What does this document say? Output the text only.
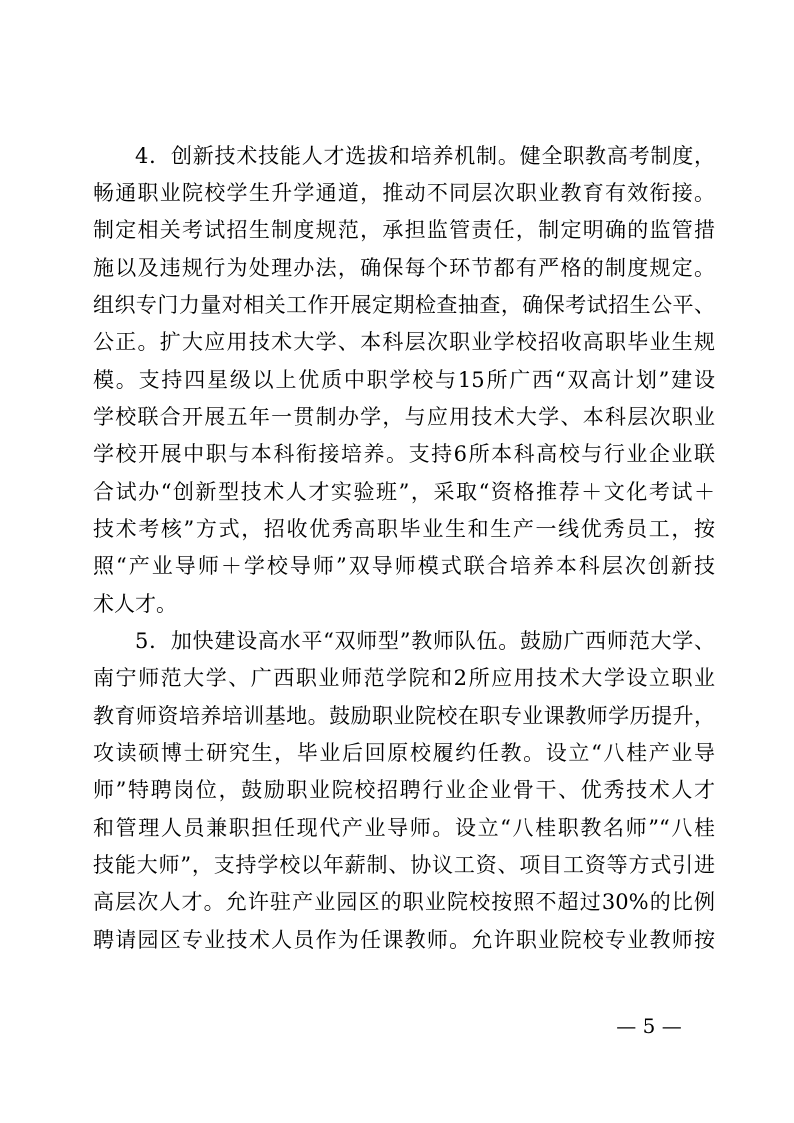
4．创新技术技能人才选拔和培养机制。健全职教高考制度，
畅通职业院校学生升学通道，推动不同层次职业教育有效衔接。
制定相关考试招生制度规范，承担监管责任，制定明确的监管措
施以及违规行为处理办法，确保每个环节都有严格的制度规定。
组织专门力量对相关工作开展定期检查抽查，确保考试招生公平、
公正。扩大应用技术大学、本科层次职业学校招收高职毕业生规
模。支持四星级以上优质中职学校与15所广西“双高计划”建设
学校联合开展五年一贯制办学，与应用技术大学、本科层次职业
学校开展中职与本科衔接培养。支持6所本科高校与行业企业联
合试办“创新型技术人才实验班”，采取“资格推荐＋文化考试＋
技术考核”方式，招收优秀高职毕业生和生产一线优秀员工，按
照“产业导师＋学校导师”双导师模式联合培养本科层次创新技
术人才。
5．加快建设高水平“双师型”教师队伍。鼓励广西师范大学、
南宁师范大学、广西职业师范学院和2所应用技术大学设立职业
教育师资培养培训基地。鼓励职业院校在职专业课教师学历提升，
攻读硕博士研究生，毕业后回原校履约任教。设立“八桂产业导
师”特聘岗位，鼓励职业院校招聘行业企业骨干、优秀技术人才
和管理人员兼职担任现代产业导师。设立“八桂职教名师”“八桂
技能大师”，支持学校以年薪制、协议工资、项目工资等方式引进
高层次人才。允许驻产业园区的职业院校按照不超过30%的比例
聘请园区专业技术人员作为任课教师。允许职业院校专业教师按
— 5 —
